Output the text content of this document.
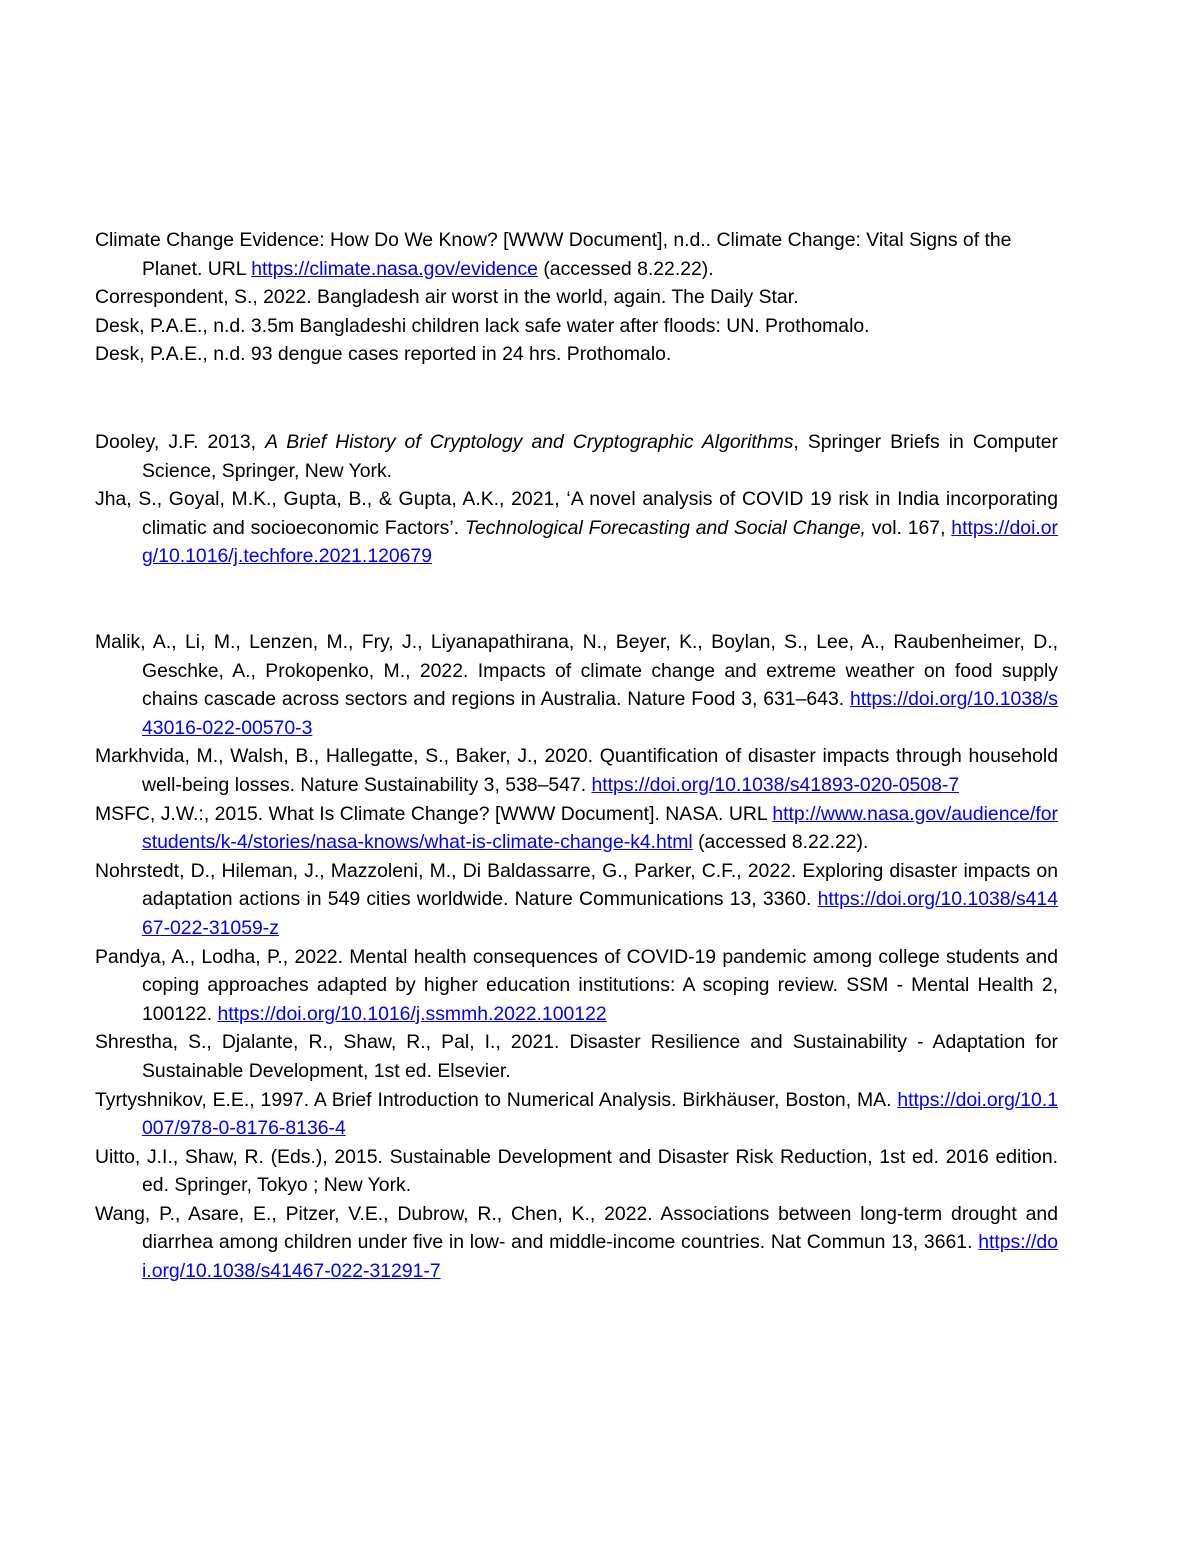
Climate Change Evidence: How Do We Know? [WWW Document], n.d.. Climate Change: Vital Signs of the Planet. URL https://climate.nasa.gov/evidence (accessed 8.22.22).

Correspondent, S., 2022. Bangladesh air worst in the world, again. The Daily Star.

Desk, P.A.E., n.d. 3.5m Bangladeshi children lack safe water after floods: UN. Prothomalo.

Desk, P.A.E., n.d. 93 dengue cases reported in 24 hrs. Prothomalo.

Dooley, J.F. 2013, A Brief History of Cryptology and Cryptographic Algorithms, Springer Briefs in Computer Science, Springer, New York.

Jha, S., Goyal, M.K., Gupta, B., & Gupta, A.K., 2021, ‘A novel analysis of COVID 19 risk in India incorporating climatic and socioeconomic Factors’. Technological Forecasting and Social Change, vol. 167, https://doi.org/10.1016/j.techfore.2021.120679

Malik, A., Li, M., Lenzen, M., Fry, J., Liyanapathirana, N., Beyer, K., Boylan, S., Lee, A., Raubenheimer, D., Geschke, A., Prokopenko, M., 2022. Impacts of climate change and extreme weather on food supply chains cascade across sectors and regions in Australia. Nature Food 3, 631–643. https://doi.org/10.1038/s43016-022-00570-3

Markhvida, M., Walsh, B., Hallegatte, S., Baker, J., 2020. Quantification of disaster impacts through household well-being losses. Nature Sustainability 3, 538–547. https://doi.org/10.1038/s41893-020-0508-7

MSFC, J.W.:, 2015. What Is Climate Change? [WWW Document]. NASA. URL http://www.nasa.gov/audience/forstudents/k-4/stories/nasa-knows/what-is-climate-change-k4.html (accessed 8.22.22).

Nohrstedt, D., Hileman, J., Mazzoleni, M., Di Baldassarre, G., Parker, C.F., 2022. Exploring disaster impacts on adaptation actions in 549 cities worldwide. Nature Communications 13, 3360. https://doi.org/10.1038/s41467-022-31059-z

Pandya, A., Lodha, P., 2022. Mental health consequences of COVID-19 pandemic among college students and coping approaches adapted by higher education institutions: A scoping review. SSM - Mental Health 2, 100122. https://doi.org/10.1016/j.ssmmh.2022.100122

Shrestha, S., Djalante, R., Shaw, R., Pal, I., 2021. Disaster Resilience and Sustainability - Adaptation for Sustainable Development, 1st ed. Elsevier.

Tyrtyshnikov, E.E., 1997. A Brief Introduction to Numerical Analysis. Birkhäuser, Boston, MA. https://doi.org/10.1007/978-0-8176-8136-4

Uitto, J.I., Shaw, R. (Eds.), 2015. Sustainable Development and Disaster Risk Reduction, 1st ed. 2016 edition. ed. Springer, Tokyo ; New York.

Wang, P., Asare, E., Pitzer, V.E., Dubrow, R., Chen, K., 2022. Associations between long-term drought and diarrhea among children under five in low- and middle-income countries. Nat Commun 13, 3661. https://doi.org/10.1038/s41467-022-31291-7
